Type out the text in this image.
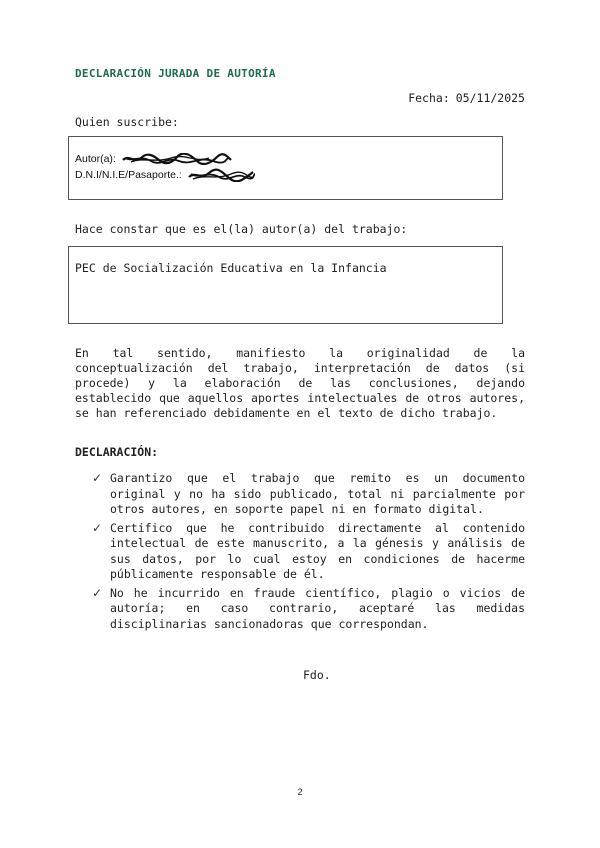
DECLARACIÓN JURADA DE AUTORÍA
Fecha: 05/11/2025
Quien suscribe:
Autor(a):
D.N.I/N.I.E/Pasaporte.:
Hace constar que es el(la) autor(a) del trabajo:
PEC de Socialización Educativa en la Infancia

En tal sentido, manifiesto la originalidad de la conceptualización del trabajo, interpretación de datos (si procede) y la elaboración de las conclusiones, dejando establecido que aquellos aportes intelectuales de otros autores, se han referenciado debidamente en el texto de dicho trabajo.

DECLARACIÓN:
✓ Garantizo que el trabajo que remito es un documento original y no ha sido publicado, total ni parcialmente por otros autores, en soporte papel ni en formato digital.
✓ Certifico que he contribuido directamente al contenido intelectual de este manuscrito, a la génesis y análisis de sus datos, por lo cual estoy en condiciones de hacerme públicamente responsable de él.
✓ No he incurrido en fraude científico, plagio o vicios de autoría; en caso contrario, aceptaré las medidas disciplinarias sancionadoras que correspondan.
Fdo.
2
